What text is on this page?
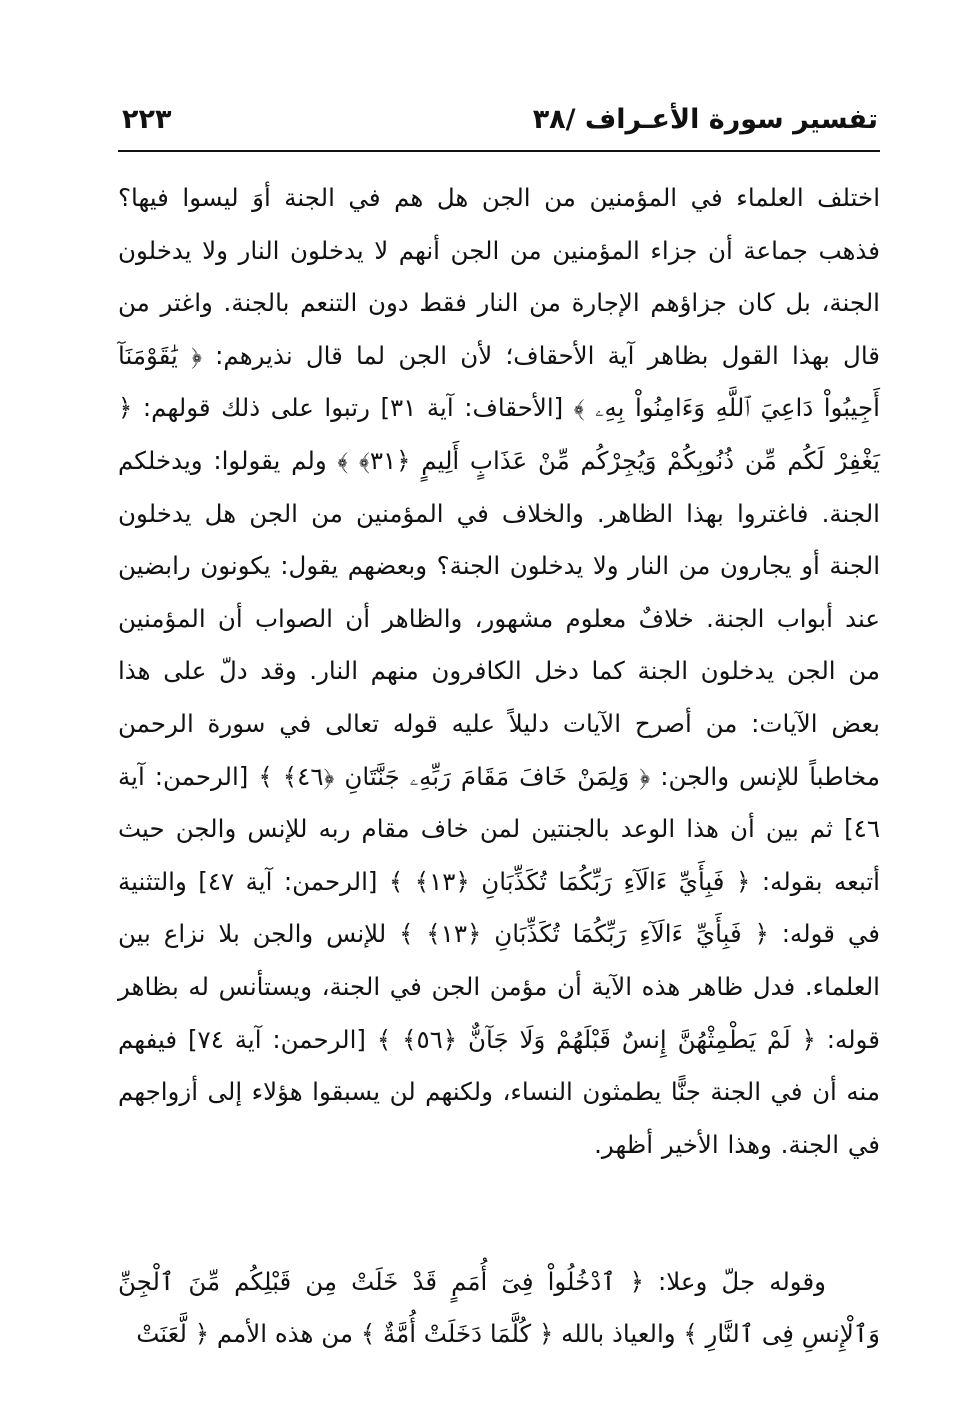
تفسير سورة الأعـراف /٣٨
٢٢٣

اختلف العلماء في المؤمنين من الجن هل هم في الجنة أوَ ليسوا فيها؟ فذهب جماعة أن جزاء المؤمنين من الجن أنهم لا يدخلون النار ولا يدخلون الجنة، بل كان جزاؤهم الإجارة من النار فقط دون التنعم بالجنة. واغتر من قال بهذا القول بظاهر آية الأحقاف؛ لأن الجن لما قال نذيرهم: ﴿ يَٰقَوْمَنَآ أَجِيبُواْ دَاعِيَ ٱللَّهِ وَءَامِنُواْ بِهِۦ ﴾ [الأحقاف: آية ٣١] رتبوا على ذلك قولهم: ﴿ يَغْفِرْ لَكُم مِّن ذُنُوبِكُمْ وَيُجِرْكُم مِّنْ عَذَابٍ أَلِيمٍ ﴿٣١﴾ ﴾ ولم يقولوا: ويدخلكم الجنة. فاغتروا بهذا الظاهر. والخلاف في المؤمنين من الجن هل يدخلون الجنة أو يجارون من النار ولا يدخلون الجنة؟ وبعضهم يقول: يكونون رابضين عند أبواب الجنة. خلافٌ معلوم مشهور، والظاهر أن الصواب أن المؤمنين من الجن يدخلون الجنة كما دخل الكافرون منهم النار. وقد دلّ على هذا بعض الآيات: من أصرح الآيات دليلاً عليه قوله تعالى في سورة الرحمن مخاطباً للإنس والجن: ﴿ وَلِمَنْ خَافَ مَقَامَ رَبِّهِۦ جَنَّتَانِ ﴿٤٦﴾ ﴾ [الرحمن: آية ٤٦] ثم بين أن هذا الوعد بالجنتين لمن خاف مقام ربه للإنس والجن حيث أتبعه بقوله: ﴿ فَبِأَيِّ ءَالَآءِ رَبِّكُمَا تُكَذِّبَانِ ﴿١٣﴾ ﴾ [الرحمن: آية ٤٧] والتثنية في قوله: ﴿ فَبِأَيِّ ءَالَآءِ رَبِّكُمَا تُكَذِّبَانِ ﴿١٣﴾ ﴾ للإنس والجن بلا نزاع بين العلماء. فدل ظاهر هذه الآية أن مؤمن الجن في الجنة، ويستأنس له بظاهر قوله: ﴿ لَمْ يَطْمِثْهُنَّ إِنسٌ قَبْلَهُمْ وَلَا جَآنٌّ ﴿٥٦﴾ ﴾ [الرحمن: آية ٧٤] فيفهم منه أن في الجنة جنًّا يطمثون النساء، ولكنهم لن يسبقوا هؤلاء إلى أزواجهم في الجنة. وهذا الأخير أظهر.

وقوله جلّ وعلا: ﴿ ٱدْخُلُواْ فِىٓ أُمَمٍ قَدْ خَلَتْ مِن قَبْلِكُم مِّنَ ٱلْجِنِّ وَٱلْإِنسِ فِى ٱلنَّارِ ﴾ والعياذ بالله ﴿ كُلَّمَا دَخَلَتْ أُمَّةٌ ﴾ من هذه الأمم ﴿ لَّعَنَتْ
